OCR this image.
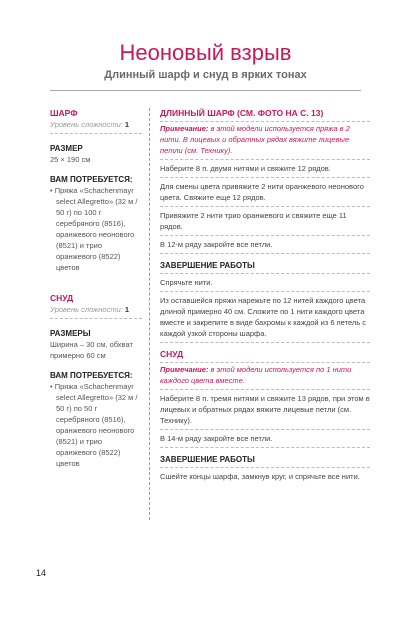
Неоновый взрыв
Длинный шарф и снуд в ярких тонах
ШАРФ
Уровень сложности: 1
РАЗМЕР
25 × 190 см
ВАМ ПОТРЕБУЕТСЯ:
• Пряжа «Schachenmayr select Allegretto» (32 м / 50 г) по 100 г серебряного (8516), оранжевого неонового (8521) и трио оранжевого (8522) цветов
СНУД
Уровень сложности: 1
РАЗМЕРЫ
Ширина – 30 см, обхват примерно 60 см
ВАМ ПОТРЕБУЕТСЯ:
• Пряжа «Schachenmayr select Allegretto» (32 м / 50 г) по 50 г серебряного (8516), оранжевого неонового (8521) и трио оранжевого (8522) цветов
ДЛИННЫЙ ШАРФ (СМ. ФОТО НА С. 13)
Примечание: в этой модели используется пряжа в 2 нити. В лицевых и обратных рядах вяжите лицевые петли (см. Технику).
Наберите 8 п. двумя нитями и свяжите 12 рядов.
Для смены цвета привяжите 2 нити оранжевого неонового цвета. Свяжите еще 12 рядов.
Привяжите 2 нити трио оранжевого и свяжите еще 11 рядов.
В 12-м ряду закройте все петли.
ЗАВЕРШЕНИЕ РАБОТЫ
Спрячьте нити.
Из оставшейся пряжи нарежьте по 12 нитей каждого цвета длиной примерно 40 см. Сложите по 1 нити каждого цвета вместе и закрепите в виде бахромы к каждой из 6 петель с каждой узкой стороны шарфа.
СНУД
Примечание: в этой модели используется по 1 нити каждого цвета вместе.
Наберите 8 п. тремя нитями и свяжите 13 рядов, при этом в лицевых и обратных рядах вяжите лицевые петли (см. Технику).
В 14-м ряду закройте все петли.
ЗАВЕРШЕНИЕ РАБОТЫ
Сшейте концы шарфа, замкнув круг, и спрячьте все нити.
14
